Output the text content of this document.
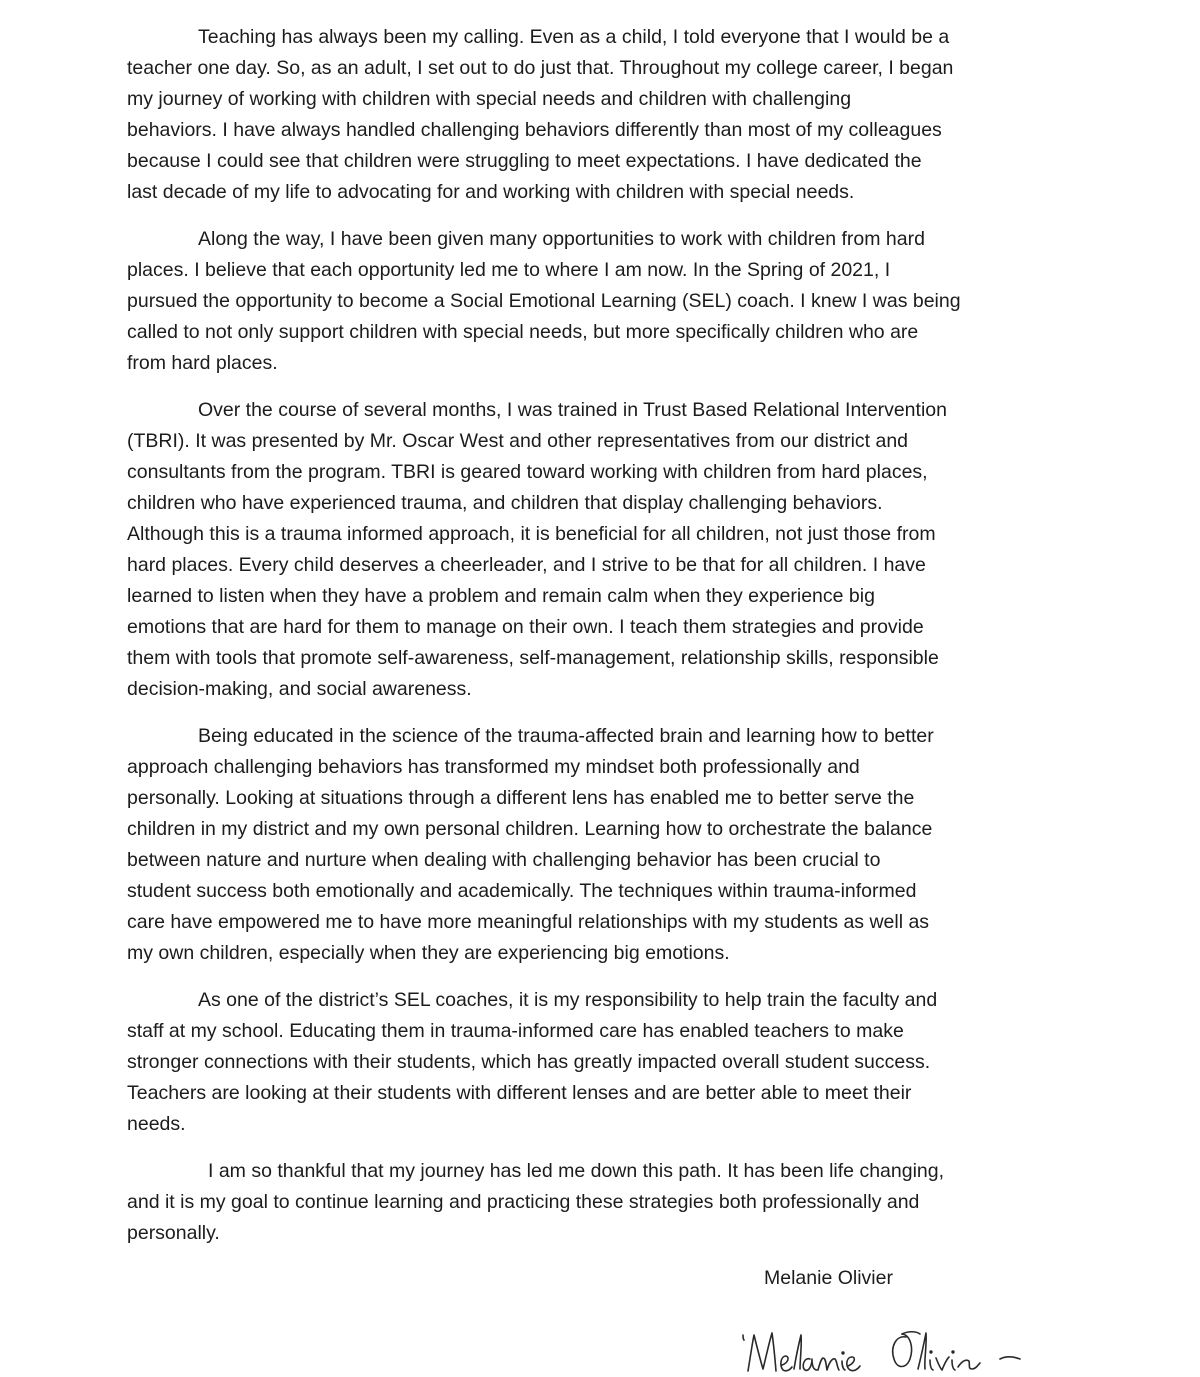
Teaching has always been my calling. Even as a child, I told everyone that I would be a
teacher one day. So, as an adult, I set out to do just that. Throughout my college career, I began
my journey of working with children with special needs and children with challenging
behaviors. I have always handled challenging behaviors differently than most of my colleagues
because I could see that children were struggling to meet expectations. I have dedicated the
last decade of my life to advocating for and working with children with special needs.

Along the way, I have been given many opportunities to work with children from hard
places. I believe that each opportunity led me to where I am now. In the Spring of 2021, I
pursued the opportunity to become a Social Emotional Learning (SEL) coach. I knew I was being
called to not only support children with special needs, but more specifically children who are
from hard places.

Over the course of several months, I was trained in Trust Based Relational Intervention
(TBRI). It was presented by Mr. Oscar West and other representatives from our district and
consultants from the program. TBRI is geared toward working with children from hard places,
children who have experienced trauma, and children that display challenging behaviors.
Although this is a trauma informed approach, it is beneficial for all children, not just those from
hard places. Every child deserves a cheerleader, and I strive to be that for all children. I have
learned to listen when they have a problem and remain calm when they experience big
emotions that are hard for them to manage on their own. I teach them strategies and provide
them with tools that promote self-awareness, self-management, relationship skills, responsible
decision-making, and social awareness.

Being educated in the science of the trauma-affected brain and learning how to better
approach challenging behaviors has transformed my mindset both professionally and
personally. Looking at situations through a different lens has enabled me to better serve the
children in my district and my own personal children. Learning how to orchestrate the balance
between nature and nurture when dealing with challenging behavior has been crucial to
student success both emotionally and academically. The techniques within trauma-informed
care have empowered me to have more meaningful relationships with my students as well as
my own children, especially when they are experiencing big emotions.

As one of the district’s SEL coaches, it is my responsibility to help train the faculty and
staff at my school. Educating them in trauma-informed care has enabled teachers to make
stronger connections with their students, which has greatly impacted overall student success.
Teachers are looking at their students with different lenses and are better able to meet their
needs.

I am so thankful that my journey has led me down this path. It has been life changing,
and it is my goal to continue learning and practicing these strategies both professionally and
personally.

Melanie Olivier
